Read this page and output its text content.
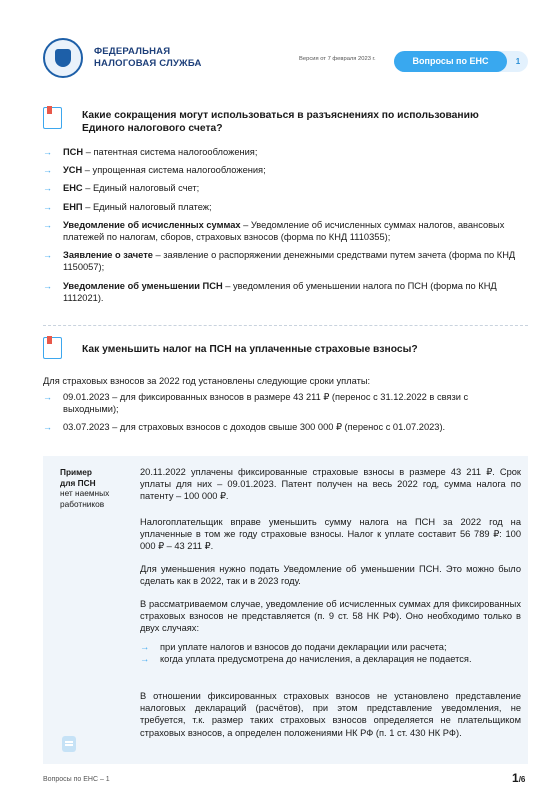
ФЕДЕРАЛЬНАЯ
НАЛОГОВАЯ СЛУЖБА	Версия от 7 февраля 2023 г.	Вопросы по ЕНС	1
Какие сокращения могут использоваться в разъяснениях по использованию Единого налогового счета?
→ ПСН – патентная система налогообложения;
→ УСН – упрощенная система налогообложения;
→ ЕНС – Единый налоговый счет;
→ ЕНП – Единый налоговый платеж;
→ Уведомление об исчисленных суммах – Уведомление об исчисленных суммах налогов, авансовых платежей по налогам, сборов, страховых взносов (форма по КНД 1110355);
→ Заявление о зачете – заявление о распоряжении денежными средствами путем зачета (форма по КНД 1150057);
→ Уведомление об уменьшении ПСН – уведомления об уменьшении налога по ПСН (форма по КНД 1112021).
Как уменьшить налог на ПСН на уплаченные страховые взносы?
Для страховых взносов за 2022 год установлены следующие сроки уплаты:
→ 09.01.2023 – для фиксированных взносов в размере 43 211 ₽ (перенос с 31.12.2022 в связи с выходными);
→ 03.07.2023 – для страховых взносов с доходов свыше 300 000 ₽ (перенос с 01.07.2023).
Пример
для ПСН
нет наемных работников

20.11.2022 уплачены фиксированные страховые взносы в размере 43 211 ₽. Срок уплаты для них – 09.01.2023. Патент получен на весь 2022 год, сумма налога по патенту – 100 000 ₽.

Налогоплательщик вправе уменьшить сумму налога на ПСН за 2022 год на уплаченные в том же году страховые взносы. Налог к уплате составит 56 789 ₽: 100 000 ₽ – 43 211 ₽.

Для уменьшения нужно подать Уведомление об уменьшении ПСН. Это можно было сделать как в 2022, так и в 2023 году.

В рассматриваемом случае, уведомление об исчисленных суммах для фиксированных страховых взносов не представляется (п. 9 ст. 58 НК РФ). Оно необходимо только в двух случаях:

→ при уплате налогов и взносов до подачи декларации или расчета;
→ когда уплата предусмотрена до начисления, а декларация не подается.

В отношении фиксированных страховых взносов не установлено представление налоговых деклараций (расчётов), при этом представление уведомления, не требуется, т.к. размер таких страховых взносов определяется не плательщиком страховых взносов, а определен положениями НК РФ (п. 1 ст. 430 НК РФ).

Вопросы по ЕНС – 1	1/6
